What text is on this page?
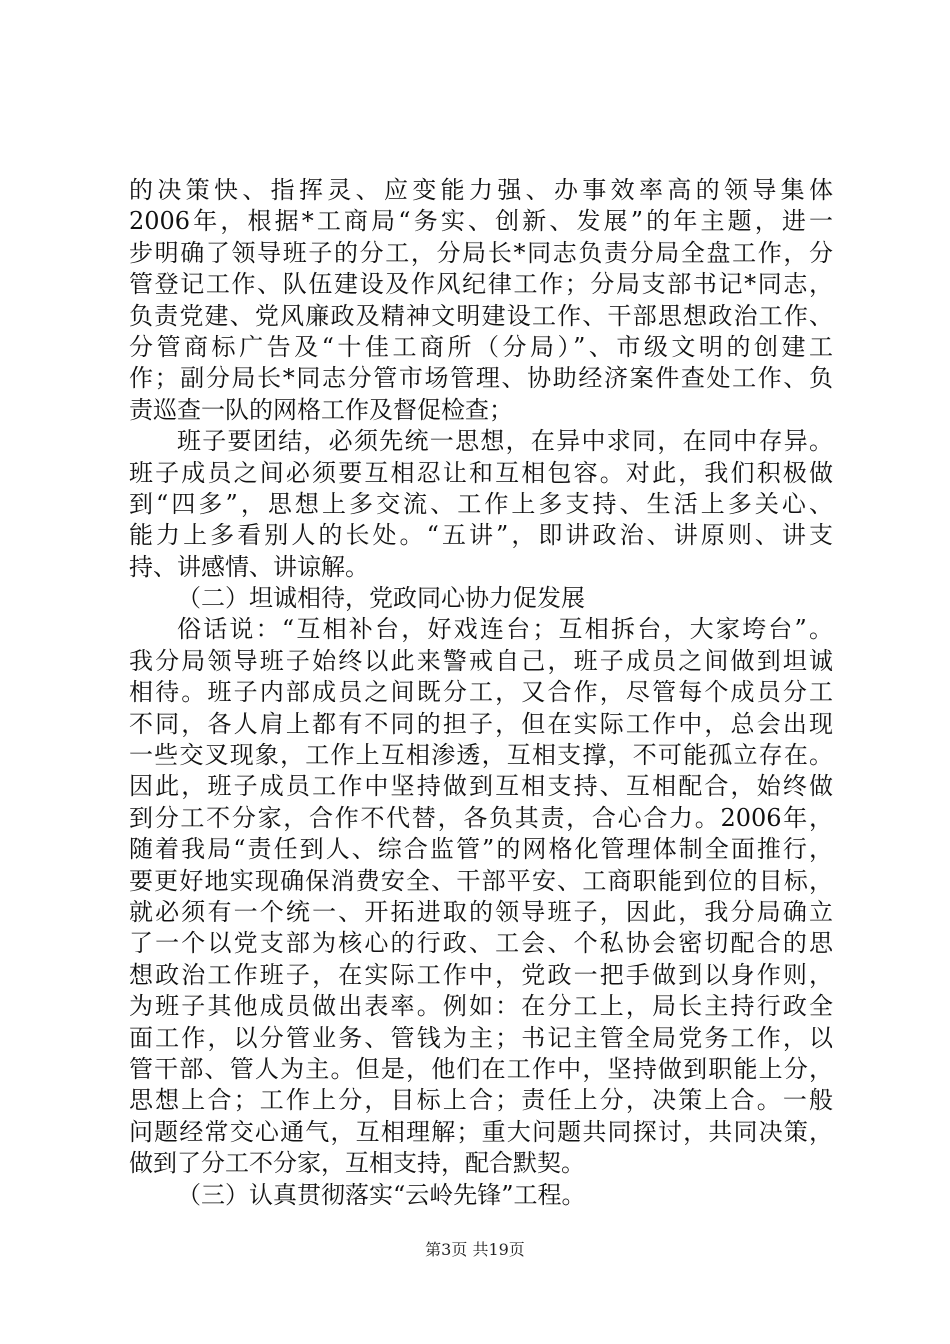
的决策快、指挥灵、应变能力强、办事效率高的领导集体
2006年，根据*工商局“务实、创新、发展”的年主题，进一
步明确了领导班子的分工，分局长*同志负责分局全盘工作，分
管登记工作、队伍建设及作风纪律工作；分局支部书记*同志，
负责党建、党风廉政及精神文明建设工作、干部思想政治工作、
分管商标广告及“十佳工商所（分局）”、市级文明的创建工
作；副分局长*同志分管市场管理、协助经济案件查处工作、负
责巡查一队的网格工作及督促检查；
班子要团结，必须先统一思想，在异中求同，在同中存异。
班子成员之间必须要互相忍让和互相包容。对此，我们积极做
到“四多”，思想上多交流、工作上多支持、生活上多关心、
能力上多看别人的长处。“五讲”，即讲政治、讲原则、讲支
持、讲感情、讲谅解。
（二）坦诚相待，党政同心协力促发展
俗话说：“互相补台，好戏连台；互相拆台，大家垮台”。
我分局领导班子始终以此来警戒自己，班子成员之间做到坦诚
相待。班子内部成员之间既分工，又合作，尽管每个成员分工
不同，各人肩上都有不同的担子，但在实际工作中，总会出现
一些交叉现象，工作上互相渗透，互相支撑，不可能孤立存在。
因此，班子成员工作中坚持做到互相支持、互相配合，始终做
到分工不分家，合作不代替，各负其责，合心合力。2006年，
随着我局“责任到人、综合监管”的网格化管理体制全面推行，
要更好地实现确保消费安全、干部平安、工商职能到位的目标，
就必须有一个统一、开拓进取的领导班子，因此，我分局确立
了一个以党支部为核心的行政、工会、个私协会密切配合的思
想政治工作班子，在实际工作中，党政一把手做到以身作则，
为班子其他成员做出表率。例如：在分工上，局长主持行政全
面工作，以分管业务、管钱为主；书记主管全局党务工作，以
管干部、管人为主。但是，他们在工作中，坚持做到职能上分，
思想上合；工作上分，目标上合；责任上分，决策上合。一般
问题经常交心通气，互相理解；重大问题共同探讨，共同决策，
做到了分工不分家，互相支持，配合默契。
（三）认真贯彻落实“云岭先锋”工程。
第3页 共19页
